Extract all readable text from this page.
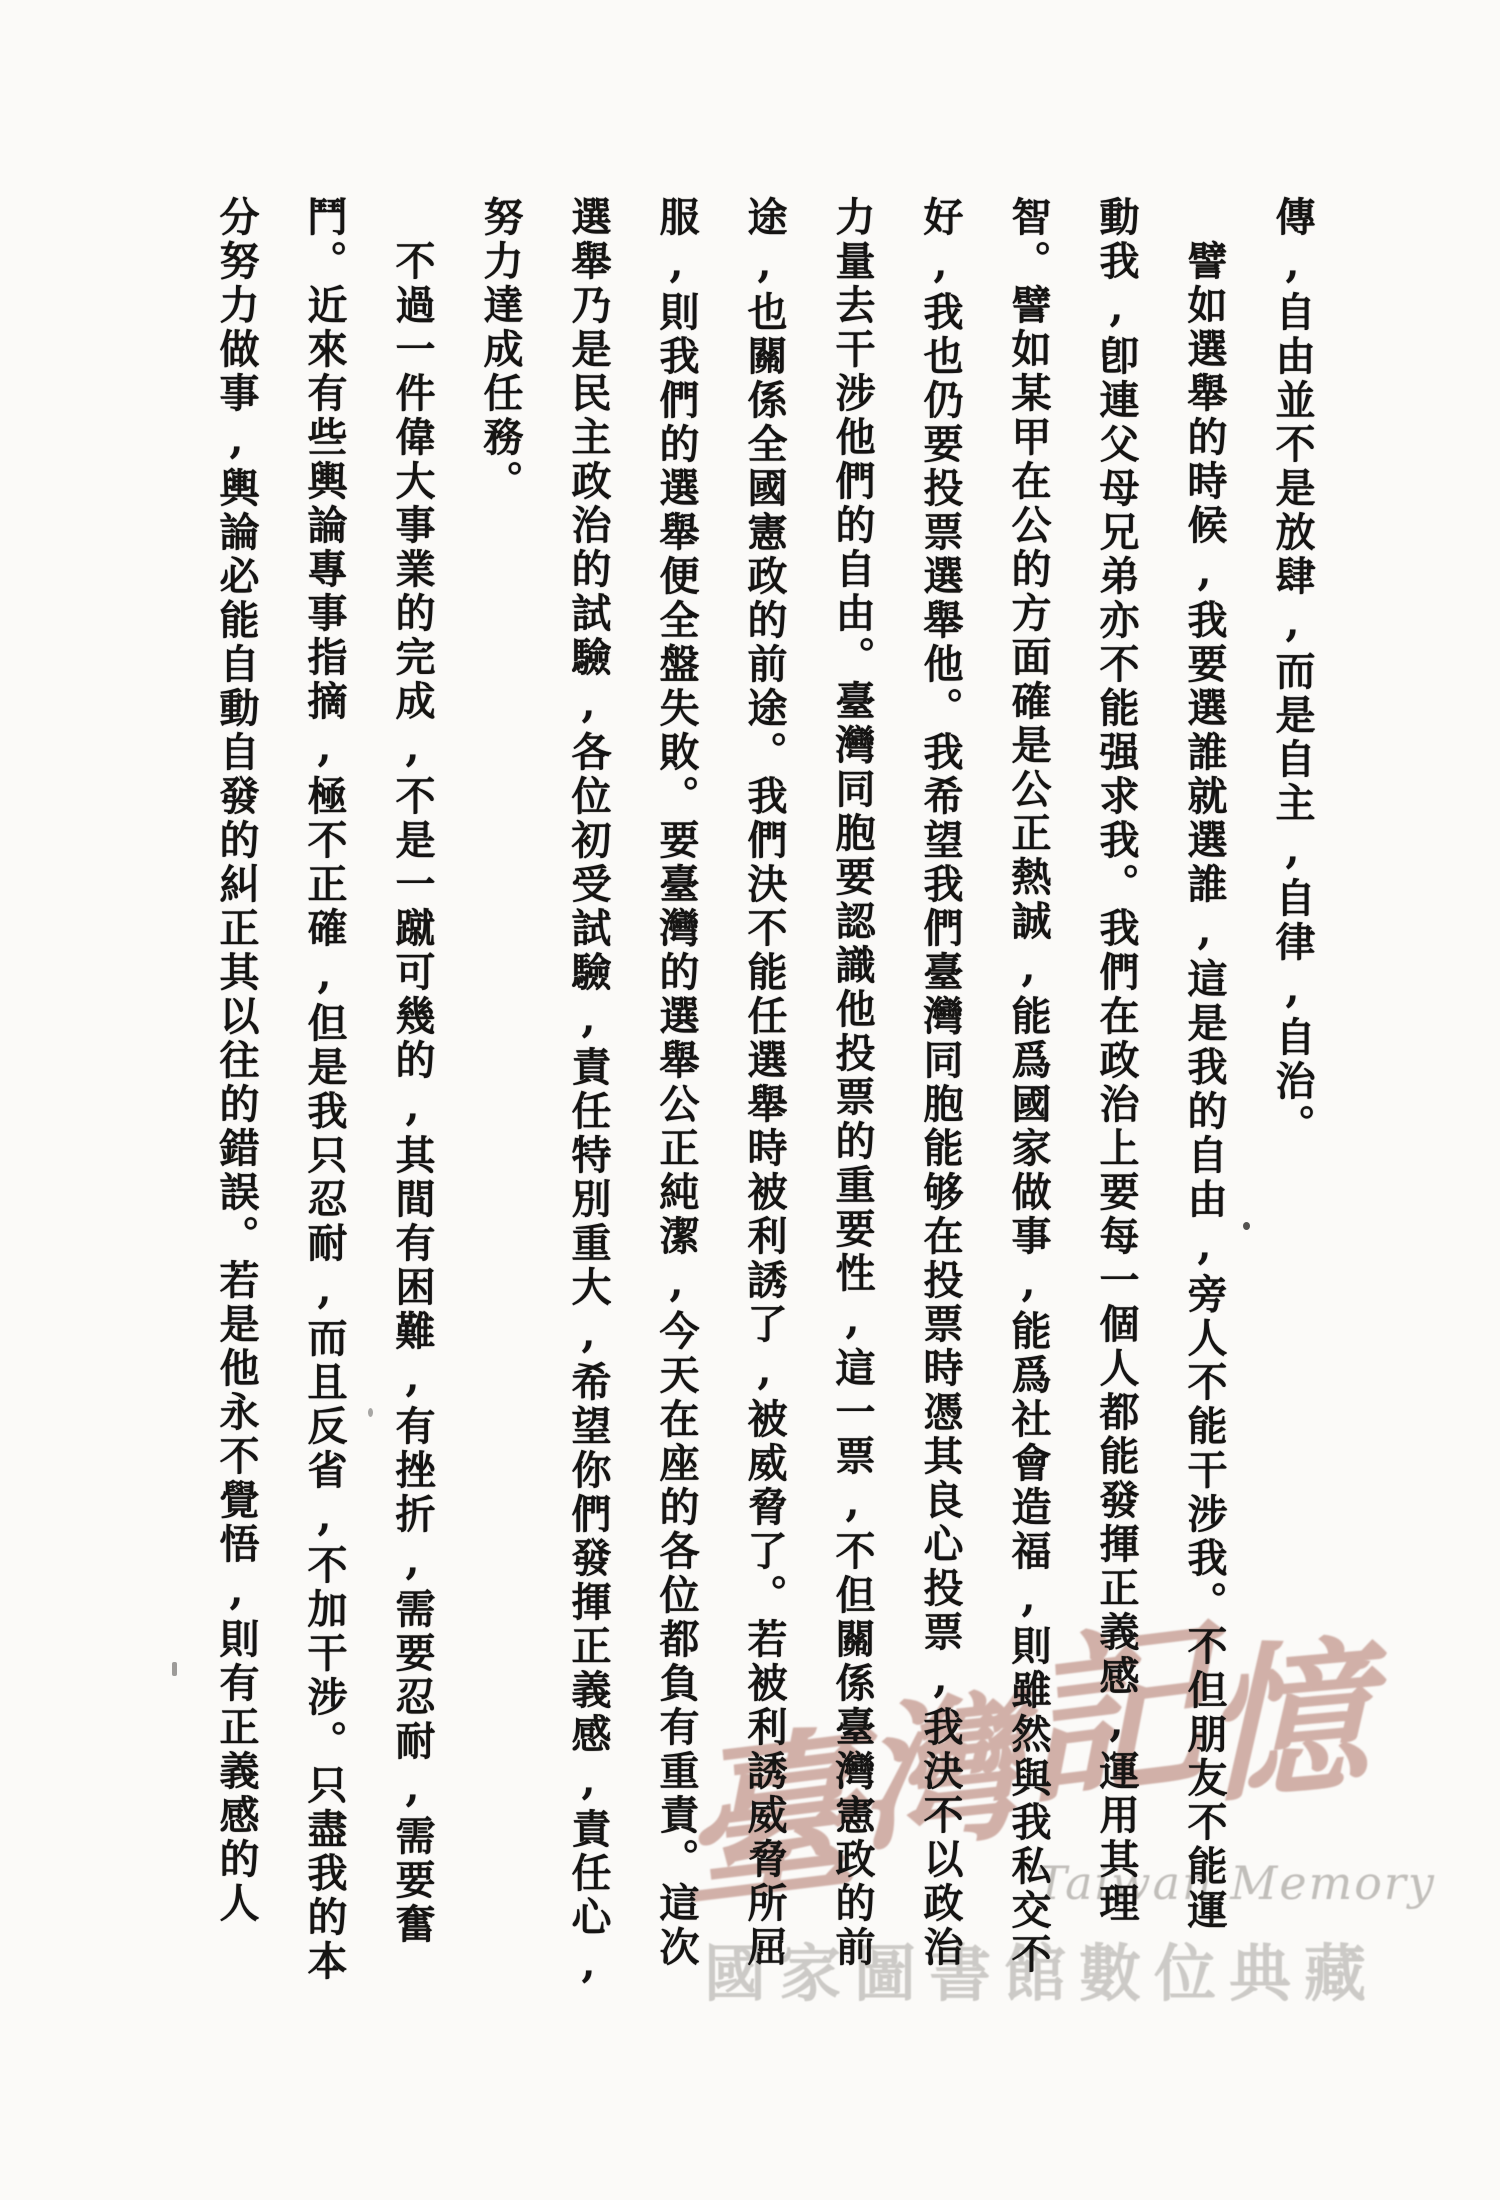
臺
灣
記
憶
Taiwan Memory
國家圖書館數位典藏
傳,自由並不是放肆,而是自主,自律,自治。
譬如選舉的時候,我要選誰就選誰,這是我的自由,旁人不能干涉我。不但朋友不能運
動我,卽連父母兄弟亦不能强求我。我們在政治上要每一個人都能發揮正義感,運用其理
智。譬如某甲在公的方面確是公正熱誠,能爲國家做事,能爲社會造福,則雖然與我私交不
好,我也仍要投票選舉他。我希望我們臺灣同胞能够在投票時憑其良心投票,我決不以政治
力量去干涉他們的自由。臺灣同胞要認識他投票的重要性,這一票,不但關係臺灣憲政的前
途,也關係全國憲政的前途。我們決不能任選舉時被利誘了,被威脅了。若被利誘威脅所屈
服,則我們的選舉便全盤失敗。要臺灣的選舉公正純潔,今天在座的各位都負有重責。這次
選舉乃是民主政治的試驗,各位初受試驗,責任特別重大,希望你們發揮正義感,責任心,
努力達成任務。
不過一件偉大事業的完成,不是一蹴可幾的,其間有困難,有挫折,需要忍耐,需要奮
鬥。近來有些輿論專事指摘,極不正確,但是我只忍耐,而且反省,不加干涉。只盡我的本
分努力做事,輿論必能自動自發的糾正其以往的錯誤。若是他永不覺悟,則有正義感的人
